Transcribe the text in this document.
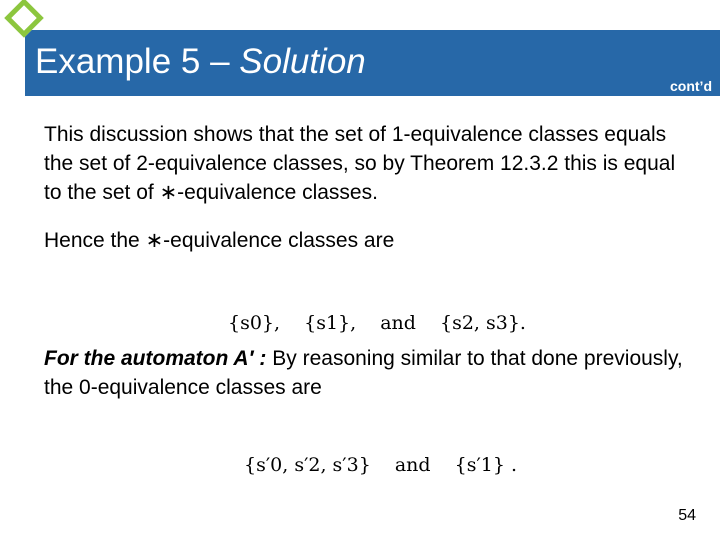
Example 5 – Solution
cont’d
This discussion shows that the set of 1-equivalence classes equals the set of 2-equivalence classes, so by Theorem 12.3.2 this is equal to the set of ∗-equivalence classes.
Hence the ∗-equivalence classes are
{s0}, {s1}, and {s2, s3}.
For the automaton A′ : By reasoning similar to that done previously, the 0-equivalence classes are
{s′0, s′2, s′3} and {s′1} .
54
